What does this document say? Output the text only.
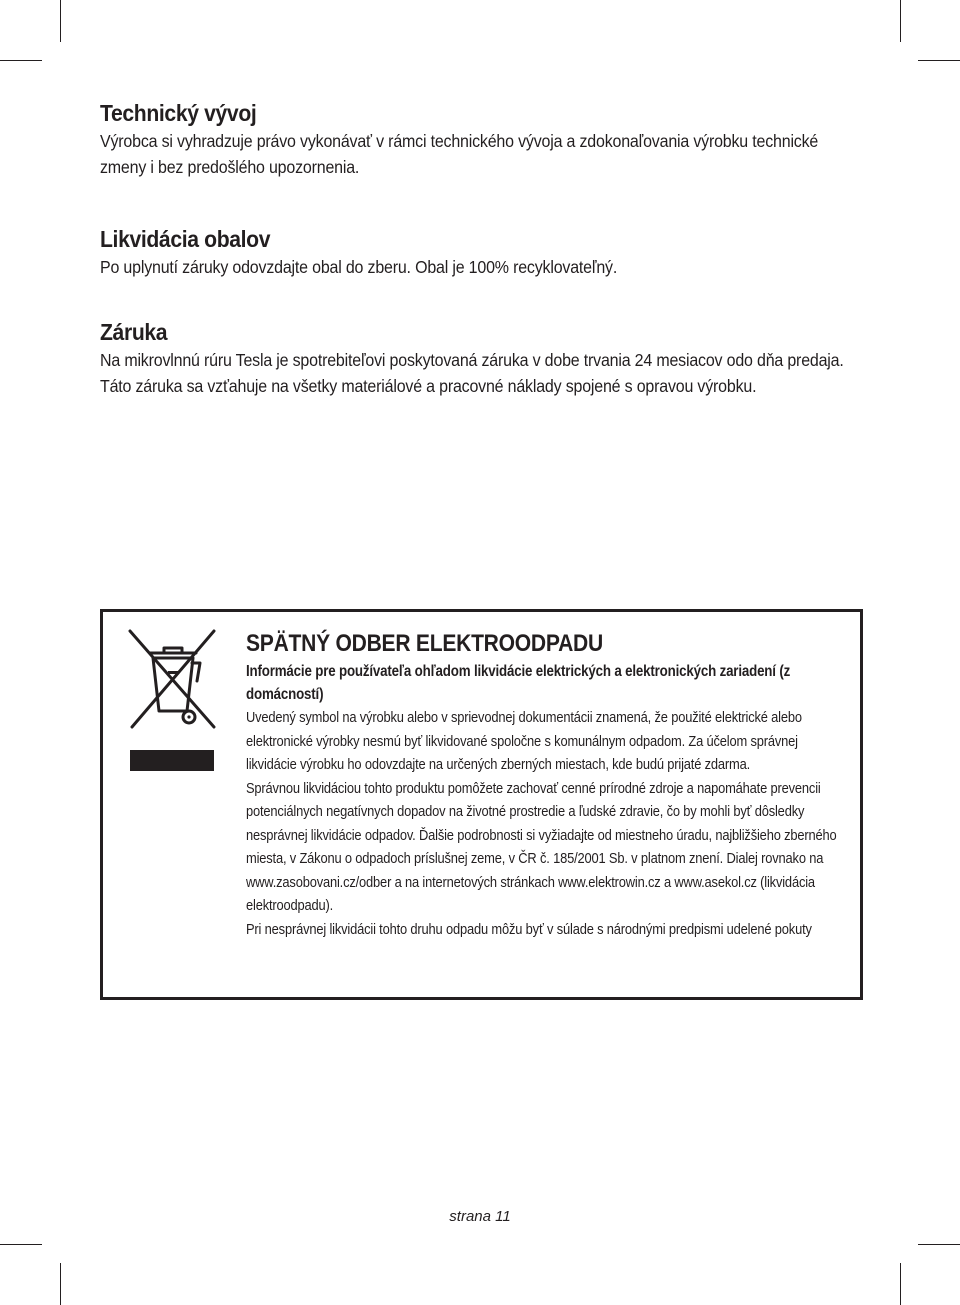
Technický vývoj

Výrobca si vyhradzuje právo vykonávať v rámci technického vývoja a zdokonaľovania výrobku technické zmeny i bez predošlého upozornenia.

Likvidácia obalov

Po uplynutí záruky odovzdajte obal do zberu. Obal je 100% recyklovateľný.

Záruka

Na mikrovlnnú rúru Tesla je spotrebiteľovi poskytovaná záruka v dobe trvania 24 mesiacov odo dňa predaja. Táto záruka sa vzťahuje na všetky materiálové a pracovné náklady spojené s opravou výrobku.

SPÄTNÝ ODBER ELEKTROODPADU

Informácie pre používateľa ohľadom likvidácie elektrických a elektronických zariadení (z domácností)

Uvedený symbol na výrobku alebo v sprievodnej dokumentácii znamená, že použité elektrické alebo elektronické výrobky nesmú byť likvidované spoločne s komunálnym odpadom. Za účelom správnej likvidácie výrobku ho odovzdajte na určených zberných miestach, kde budú prijaté zdarma.

Správnou likvidáciou tohto produktu pomôžete zachovať cenné prírodné zdroje a napomáhate prevencii potenciálnych negatívnych dopadov na životné prostredie a ľudské zdravie, čo by mohli byť dôsledky nesprávnej likvidácie odpadov. Ďalšie podrobnosti si vyžiadajte od miestneho úradu, najbližšieho zberného miesta, v Zákonu o odpadoch príslušnej zeme, v ČR č. 185/2001 Sb. v platnom znení. Dialej rovnako na www.zasobovani.cz/odber a na internetových stránkach www.elektrowin.cz a www.asekol.cz (likvidácia elektroodpadu).

Pri nesprávnej likvidácii tohto druhu odpadu môžu byť v súlade s národnými predpismi udelené pokuty

strana 11
